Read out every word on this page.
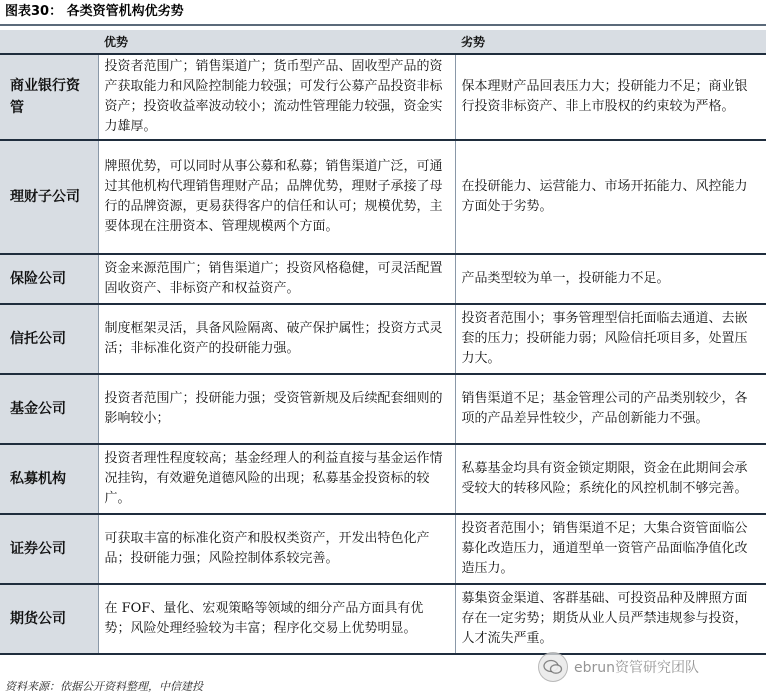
图表30： 各类资管机构优劣势
	优势	劣势
商业银行资管	投资者范围广；销售渠道广；货币型产品、固收型产品的资产获取能力和风险控制能力较强；可发行公募产品投资非标资产；投资收益率波动较小；流动性管理能力较强，资金实力雄厚。	保本理财产品回表压力大；投研能力不足；商业银行投资非标资产、非上市股权的约束较为严格。
理财子公司	牌照优势，可以同时从事公募和私募；销售渠道广泛，可通过其他机构代理销售理财产品；品牌优势，理财子承接了母行的品牌资源，更易获得客户的信任和认可；规模优势，主要体现在注册资本、管理规模两个方面。	在投研能力、运营能力、市场开拓能力、风控能力方面处于劣势。
保险公司	资金来源范围广；销售渠道广；投资风格稳健，可灵活配置固收资产、非标资产和权益资产。	产品类型较为单一，投研能力不足。
信托公司	制度框架灵活，具备风险隔离、破产保护属性；投资方式灵活；非标准化资产的投研能力强。	投资者范围小；事务管理型信托面临去通道、去嵌套的压力；投研能力弱；风险信托项目多，处置压力大。
基金公司	投资者范围广；投研能力强；受资管新规及后续配套细则的影响较小；	销售渠道不足；基金管理公司的产品类别较少，各项的产品差异性较少，产品创新能力不强。
私募机构	投资者理性程度较高；基金经理人的利益直接与基金运作情况挂钩，有效避免道德风险的出现；私募基金投资标的较广。	私募基金均具有资金锁定期限，资金在此期间会承受较大的转移风险；系统化的风控机制不够完善。
证券公司	可获取丰富的标准化资产和股权类资产，开发出特色化产品；投研能力强；风险控制体系较完善。	投资者范围小；销售渠道不足；大集合资管面临公募化改造压力，通道型单一资管产品面临净值化改造压力。
期货公司	在 FOF、量化、宏观策略等领域的细分产品方面具有优势；风险处理经验较为丰富；程序化交易上优势明显。	募集资金渠道、客群基础、可投资品种及牌照方面存在一定劣势；期货从业人员严禁违规参与投资，人才流失严重。
ebrun资管研究团队
资料来源：依据公开资料整理，中信建投
